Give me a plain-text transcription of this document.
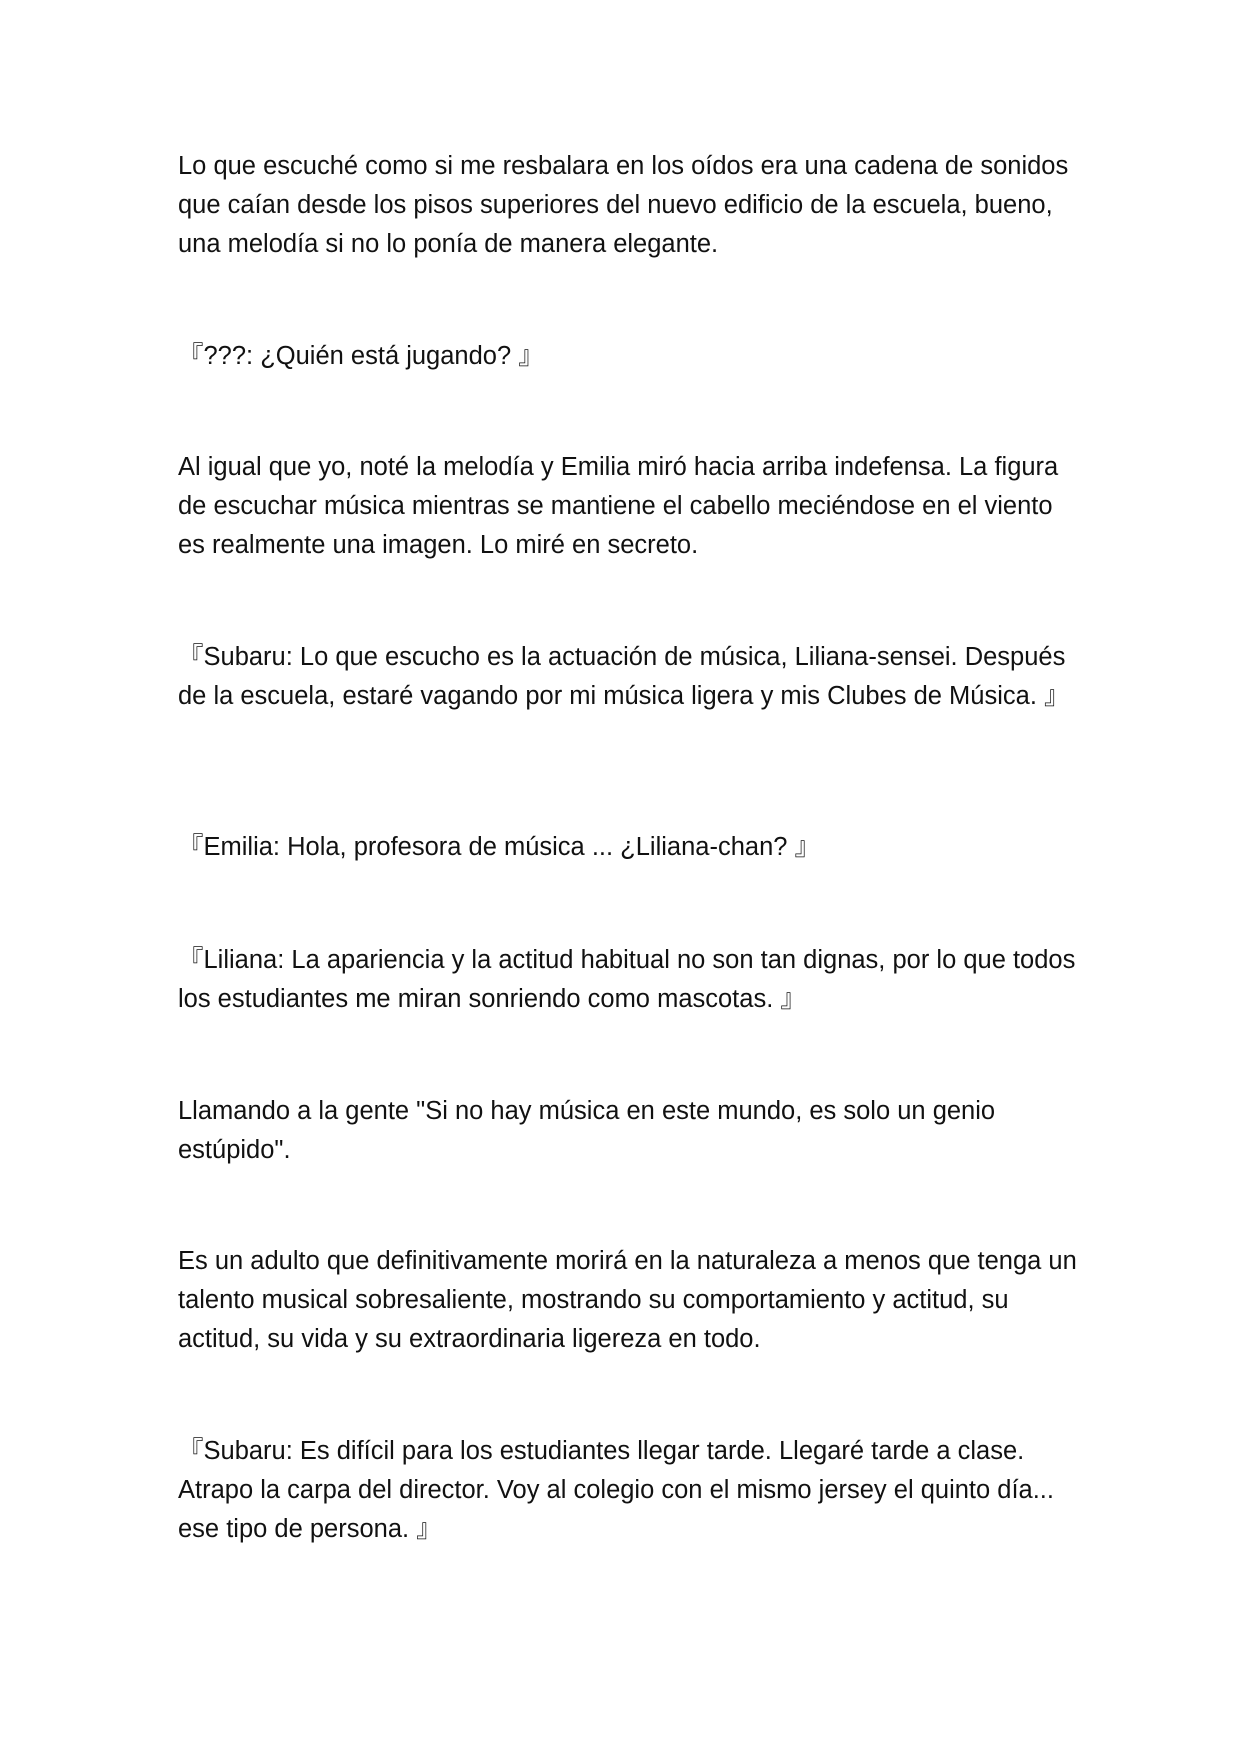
Lo que escuché como si me resbalara en los oídos era una cadena de sonidos que caían desde los pisos superiores del nuevo edificio de la escuela, bueno, una melodía si no lo ponía de manera elegante.

『???: ¿Quién está jugando? 』

Al igual que yo, noté la melodía y Emilia miró hacia arriba indefensa. La figura de escuchar música mientras se mantiene el cabello meciéndose en el viento es realmente una imagen. Lo miré en secreto.

『Subaru: Lo que escucho es la actuación de música, Liliana-sensei. Después de la escuela, estaré vagando por mi música ligera y mis Clubes de Música. 』

『Emilia: Hola, profesora de música ... ¿Liliana-chan? 』

『Liliana: La apariencia y la actitud habitual no son tan dignas, por lo que todos los estudiantes me miran sonriendo como mascotas. 』

Llamando a la gente "Si no hay música en este mundo, es solo un genio estúpido".

Es un adulto que definitivamente morirá en la naturaleza a menos que tenga un talento musical sobresaliente, mostrando su comportamiento y actitud, su actitud, su vida y su extraordinaria ligereza en todo.

『Subaru: Es difícil para los estudiantes llegar tarde. Llegaré tarde a clase. Atrapo la carpa del director. Voy al colegio con el mismo jersey el quinto día... ese tipo de persona. 』
